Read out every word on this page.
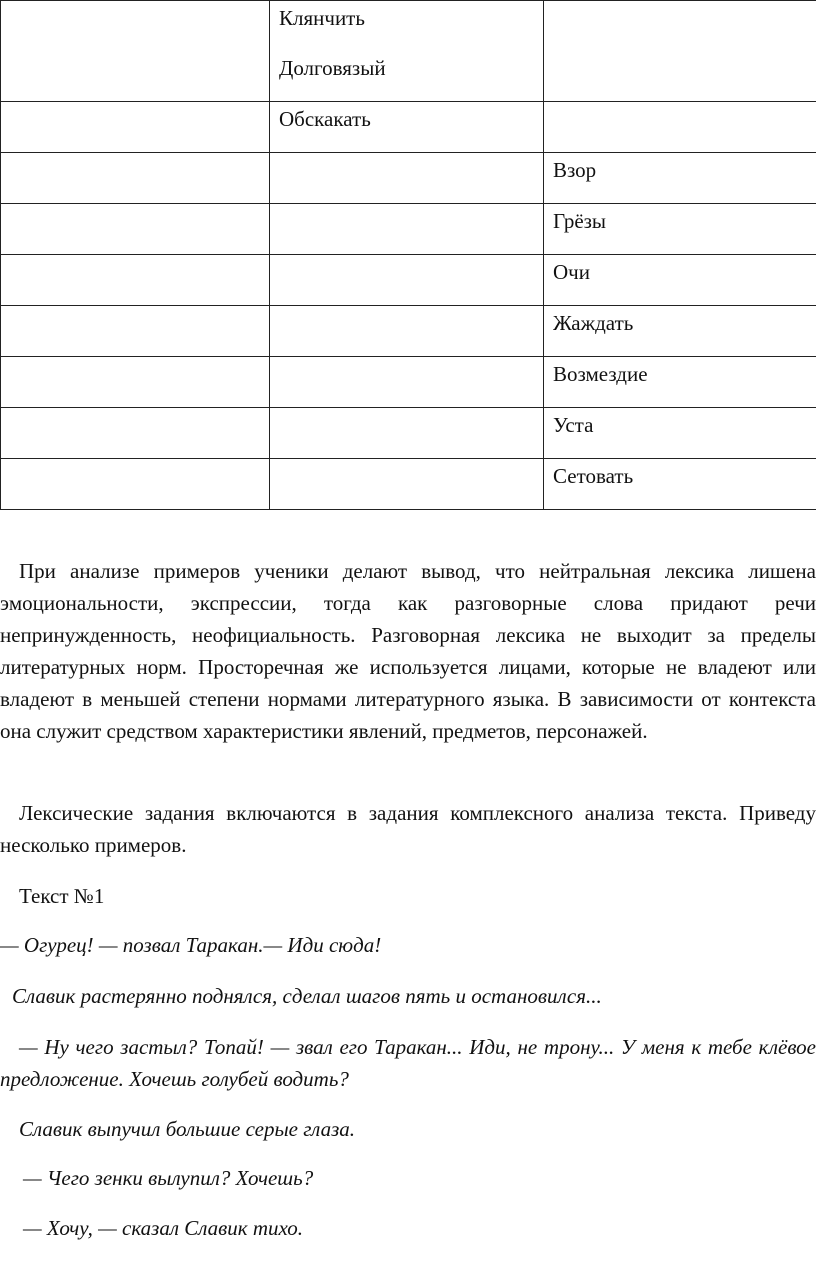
	Клянчить
Долговязый	

	Обскакать	
		Взор
		Грёзы
		Очи
		Жаждать
		Возмездие
		Уста
		Сетовать
При анализе примеров ученики делают вывод, что нейтральная лексика лишена эмоциональности, экспрессии, тогда как разговорные слова придают речи непринужденность, неофициальность. Разговорная лексика не выходит за пределы литературных норм. Просторечная же используется лицами, которые не владеют или владеют в меньшей степени нормами литературного языка. В зависимости от контекста она служит средством характеристики явлений, предметов, персонажей.
Лексические задания включаются в задания комплексного анализа текста. Приведу несколько примеров.
Текст №1
— Огурец! — позвал Таракан.— Иди сюда!
Славик растерянно поднялся, сделал шагов пять и остановился...
— Ну чего застыл? Топай! — звал его Таракан... Иди, не трону... У меня к тебе клёвое предложение. Хочешь голубей водить?
Славик выпучил большие серые глаза.
— Чего зенки вылупил? Хочешь?
— Хочу, — сказал Славик тихо.
